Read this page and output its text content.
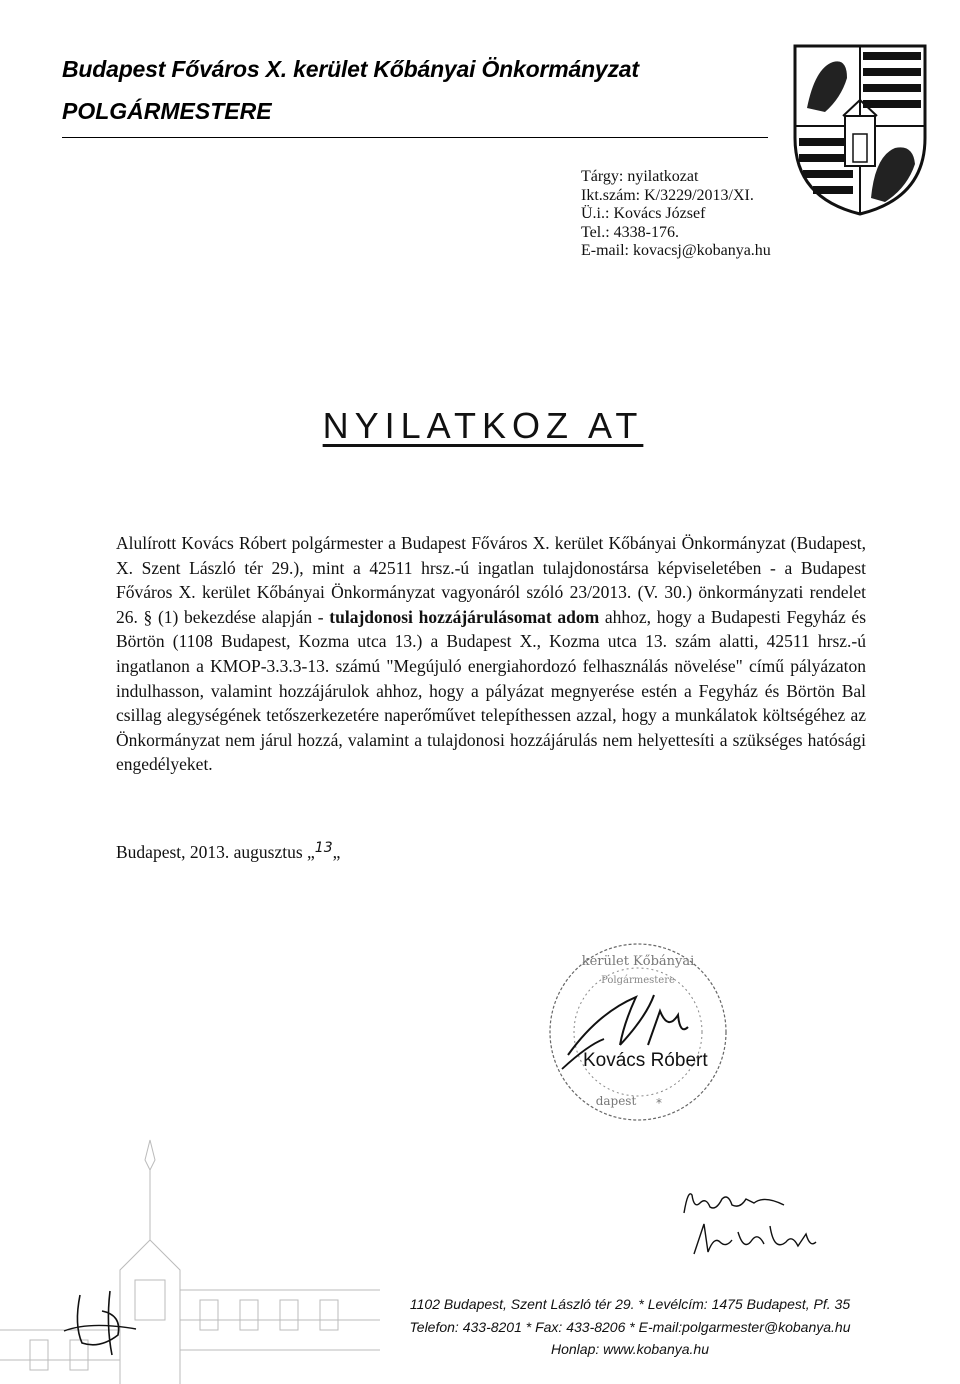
Budapest Főváros X. kerület Kőbányai Önkormányzat
POLGÁRMESTERE
Tárgy: nyilatkozat
Ikt.szám: K/3229/2013/XI.
Ü.i.: Kovács József
Tel.: 4338-176.
E-mail: kovacsj@kobanya.hu
NYILATKOZ AT
Alulírott Kovács Róbert polgármester a Budapest Főváros X. kerület Kőbányai Önkormányzat (Budapest, X. Szent László tér 29.), mint a 42511 hrsz.-ú ingatlan tulajdonostársa képviseletében - a Budapest Főváros X. kerület Kőbányai Önkormányzat vagyonáról szóló 23/2013. (V. 30.) önkormányzati rendelet 26. § (1) bekezdése alapján - tulajdonosi hozzájárulásomat adom ahhoz, hogy a Budapesti Fegyház és Börtön (1108 Budapest, Kozma utca 13.) a Budapest X., Kozma utca 13. szám alatti, 42511 hrsz.-ú ingatlanon a KMOP-3.3.3-13. számú "Megújuló energiahordozó felhasználás növelése" című pályázaton indulhasson, valamint hozzájárulok ahhoz, hogy a pályázat megnyerése estén a Fegyház és Börtön Bal csillag alegységének tetőszerkezetére naperőművet telepíthessen azzal, hogy a munkálatok költségéhez az Önkormányzat nem járul hozzá, valamint a tulajdonosi hozzájárulás nem helyettesíti a szükséges hatósági engedélyeket.
Budapest, 2013. augusztus „$^{13}$„
kerület Kőbányai
Polgármestere
dapest *
Kovács Róbert
1102 Budapest, Szent László tér 29. * Levélcím: 1475 Budapest, Pf. 35
Telefon: 433-8201 * Fax: 433-8206 * E-mail:polgarmester@kobanya.hu
Honlap: www.kobanya.hu
